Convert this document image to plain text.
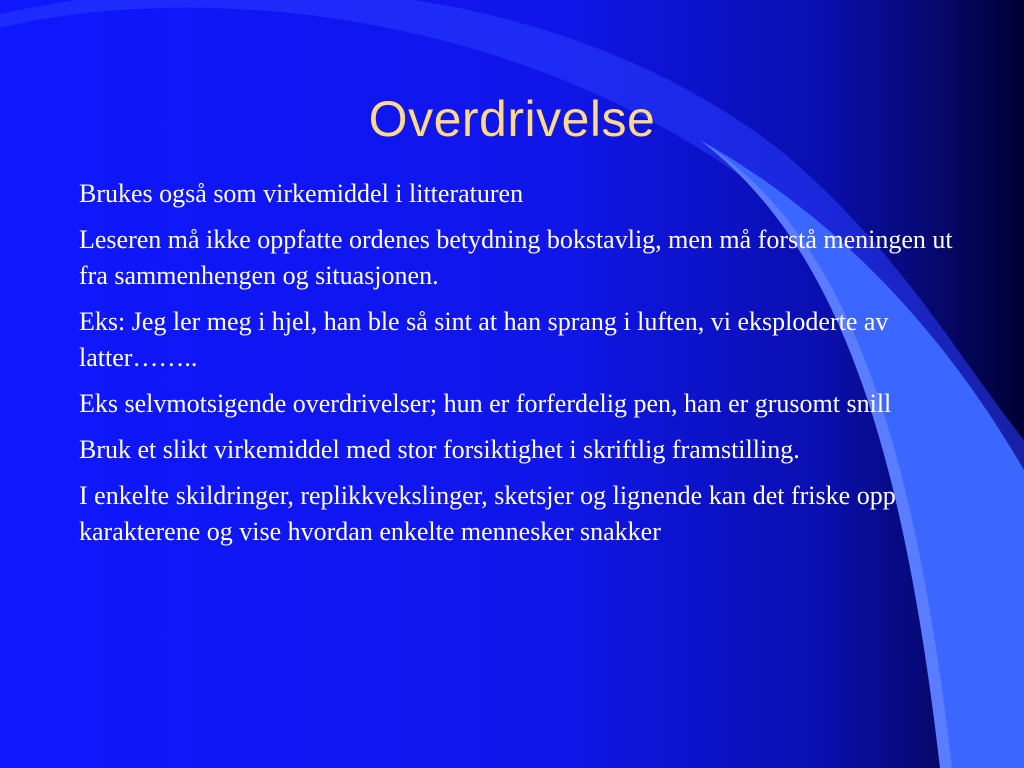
Overdrivelse

Brukes også som virkemiddel i litteraturen

Leseren må ikke oppfatte ordenes betydning bokstavlig, men må forstå meningen ut fra sammenhengen og situasjonen.

Eks: Jeg ler meg i hjel, han ble så sint at han sprang i luften, vi eksploderte av latter……..

Eks selvmotsigende overdrivelser; hun er forferdelig pen, han er grusomt snill

Bruk et slikt virkemiddel med stor forsiktighet i skriftlig framstilling.

I enkelte skildringer, replikkvekslinger, sketsjer og lignende kan det friske opp karakterene og vise hvordan enkelte mennesker snakker
